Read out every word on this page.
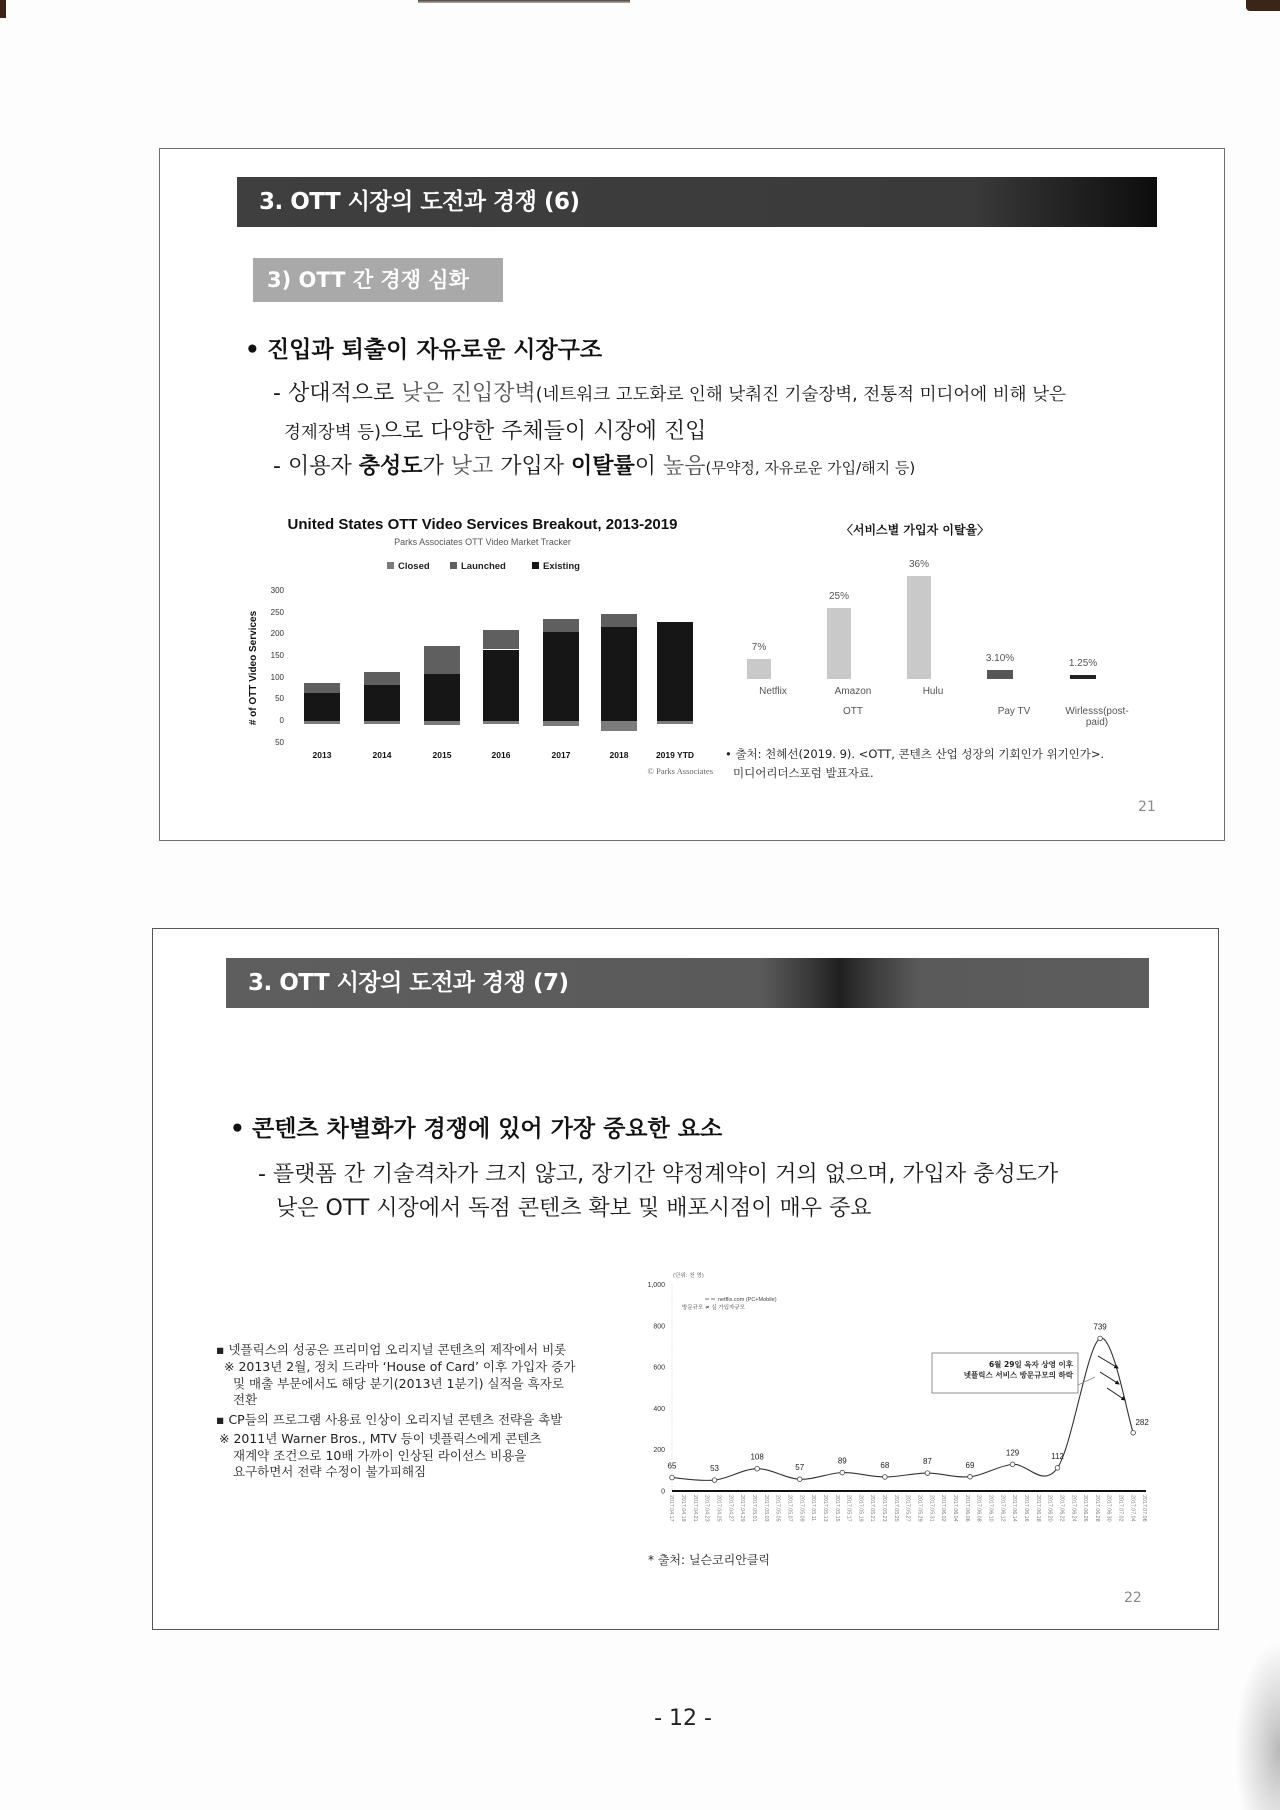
3. OTT 시장의 도전과 경쟁 (6)
3) OTT 간 경쟁 심화
• 진입과 퇴출이 자유로운 시장구조
- 상대적으로 낮은 진입장벽(네트워크 고도화로 인해 낮춰진 기술장벽, 전통적 미디어에 비해 낮은
경제장벽 등)으로 다양한 주체들이 시장에 진입
- 이용자 충성도가 낮고 가입자 이탈률이 높음(무약정, 자유로운 가입/해지 등)
United States OTT Video Services Breakout, 2013-2019
Parks Associates OTT Video Market Tracker
# of OTT Video Services
© Parks Associates
300
250
200
150
100
50
0
50
2013	2014	2015	2016	2017	2018	2019 YTD
Closed	Launched	Existing
〈서비스별 가입자 이탈율〉
7%
Netflix
25%
Amazon
36%
Hulu
3.10%
Pay TV
1.25%
Wirlesss(post-
paid)
OTT
• 출처: 천혜선(2019. 9). <OTT, 콘텐츠 산업 성장의 기회인가 위기인가>.
미디어리더스포럼 발표자료.
21
3. OTT 시장의 도전과 경쟁 (7)
• 콘텐츠 차별화가 경쟁에 있어 가장 중요한 요소
- 플랫폼 간 기술격차가 크지 않고, 장기간 약정계약이 거의 없으며, 가입자 충성도가
낮은 OTT 시장에서 독점 콘텐츠 확보 및 배포시점이 매우 중요
▪ 넷플릭스의 성공은 프리미엄 오리지널 콘텐츠의 제작에서 비롯
※ 2013년 2월, 정치 드라마 ‘House of Card’ 이후 가입자 증가
및 매출 부문에서도 해당 분기(2013년 1분기) 실적을 흑자로
전환
▪ CP들의 프로그램 사용료 인상이 오리지널 콘텐츠 전략을 촉발
※ 2011년 Warner Bros., MTV 등이 넷플릭스에게 콘텐츠
재계약 조건으로 10배 가까이 인상된 라이선스 비용을
요구하면서 전략 수정이 불가피해짐
(단위: 천 명)
netflix.com (PC+Mobile)
방문규모 ≠ 실 가입자규모
0
200
400
600
800
1,000
2017.04.17 2017.04.19 2017.04.21 2017.04.23 2017.04.25 2017.04.27 2017.04.29 2017.05.01 2017.05.03 2017.05.05 2017.05.07 2017.05.09 2017.05.11 2017.05.13 2017.05.15 2017.05.17 2017.05.19 2017.05.21 2017.05.23 2017.05.25 2017.05.27 2017.05.29 2017.05.31 2017.06.02 2017.06.04 2017.06.06 2017.06.08 2017.06.10 2017.06.12 2017.06.14 2017.06.16 2017.06.18 2017.06.20 2017.06.22 2017.06.24 2017.06.26 2017.06.28 2017.06.30 2017.07.02 2017.07.04 2017.07.06
65	53
108
57
89	68	87	69
129	112
739
282
6월 29일 옥자 상영 이후
넷플릭스 서비스 방문규모의 하락
* 출처: 닐슨코리안클릭
22
- 12 -
